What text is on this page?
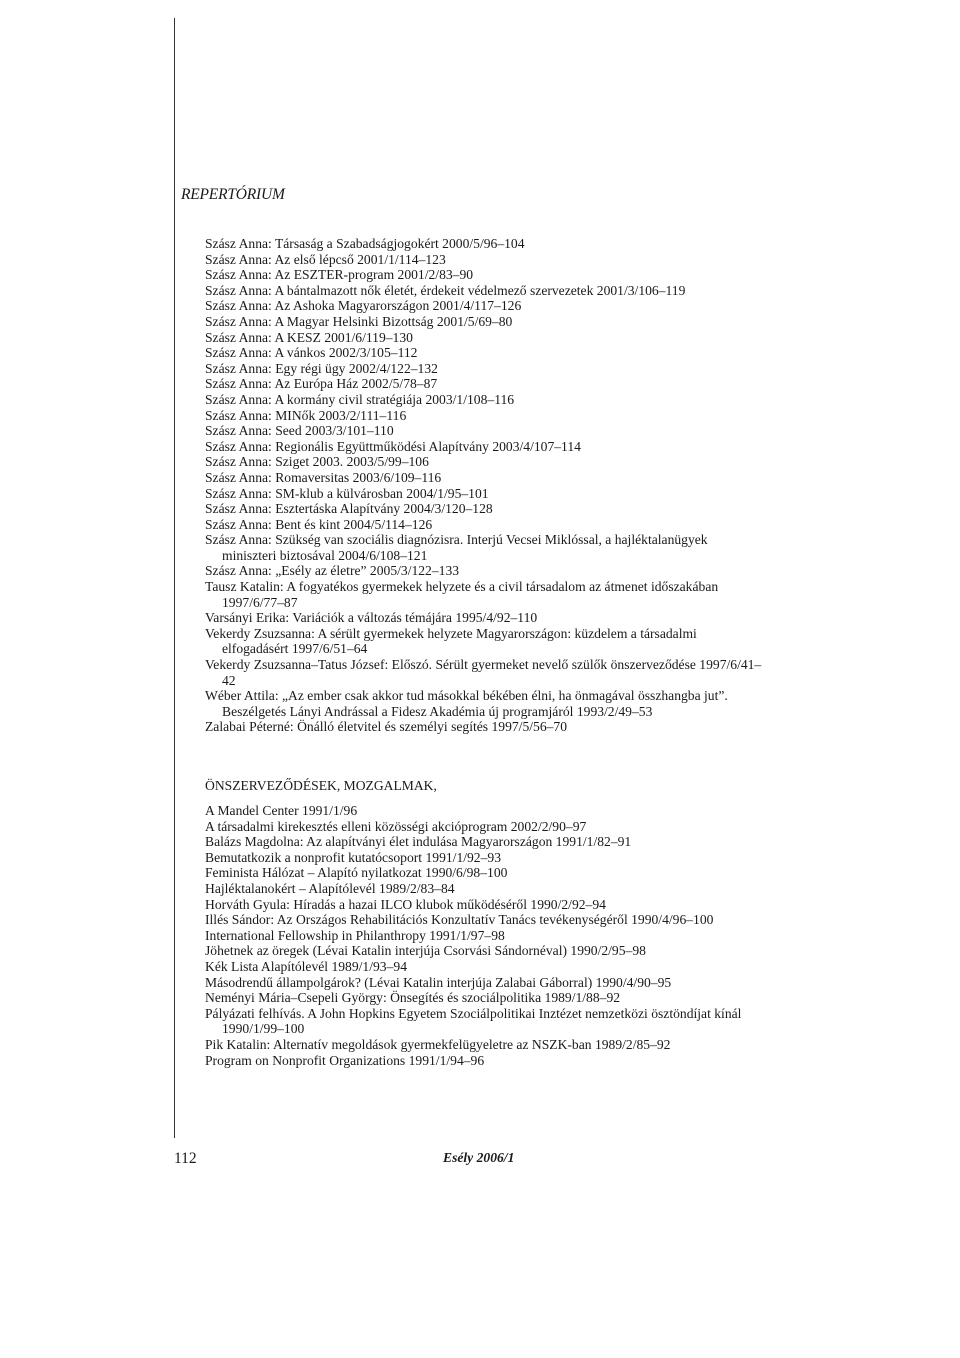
REPERTÓRIUM

Szász Anna: Társaság a Szabadságjogokért 2000/5/96–104

Szász Anna: Az első lépcső 2001/1/114–123

Szász Anna: Az ESZTER-program 2001/2/83–90

Szász Anna: A bántalmazott nők életét, érdekeit védelmező szervezetek 2001/3/106–119

Szász Anna: Az Ashoka Magyarországon 2001/4/117–126

Szász Anna: A Magyar Helsinki Bizottság 2001/5/69–80

Szász Anna: A KESZ 2001/6/119–130

Szász Anna: A vánkos 2002/3/105–112

Szász Anna: Egy régi ügy 2002/4/122–132

Szász Anna: Az Európa Ház 2002/5/78–87

Szász Anna: A kormány civil stratégiája 2003/1/108–116

Szász Anna: MINők 2003/2/111–116

Szász Anna: Seed 2003/3/101–110

Szász Anna: Regionális Együttműködési Alapítvány 2003/4/107–114

Szász Anna: Sziget 2003. 2003/5/99–106

Szász Anna: Romaversitas 2003/6/109–116

Szász Anna: SM-klub a külvárosban 2004/1/95–101

Szász Anna: Esztertáska Alapítvány 2004/3/120–128

Szász Anna: Bent és kint 2004/5/114–126

Szász Anna: Szükség van szociális diagnózisra. Interjú Vecsei Miklóssal, a hajléktalanügyek miniszteri biztosával 2004/6/108–121

Szász Anna: „Esély az életre” 2005/3/122–133

Tausz Katalin: A fogyatékos gyermekek helyzete és a civil társadalom az átmenet időszakában 1997/6/77–87

Varsányi Erika: Variációk a változás témájára 1995/4/92–110

Vekerdy Zsuzsanna: A sérült gyermekek helyzete Magyarországon: küzdelem a társadalmi elfogadásért 1997/6/51–64

Vekerdy Zsuzsanna–Tatus József: Előszó. Sérült gyermeket nevelő szülők önszerveződése 1997/6/41–42

Wéber Attila: „Az ember csak akkor tud másokkal békében élni, ha önmagával összhangba jut”. Beszélgetés Lányi Andrással a Fidesz Akadémia új programjáról 1993/2/49–53

Zalabai Péterné: Önálló életvitel és személyi segítés 1997/5/56–70

ÖNSZERVEZŐDÉSEK, MOZGALMAK,

A Mandel Center 1991/1/96

A társadalmi kirekesztés elleni közösségi akcióprogram 2002/2/90–97

Balázs Magdolna: Az alapítványi élet indulása Magyarországon 1991/1/82–91

Bemutatkozik a nonprofit kutatócsoport 1991/1/92–93

Feminista Hálózat – Alapító nyilatkozat 1990/6/98–100

Hajléktalanokért – Alapítólevél 1989/2/83–84

Horváth Gyula: Híradás a hazai ILCO klubok működéséről 1990/2/92–94

Illés Sándor: Az Országos Rehabilitációs Konzultatív Tanács tevékenységéről 1990/4/96–100

International Fellowship in Philanthropy 1991/1/97–98

Jöhetnek az öregek (Lévai Katalin interjúja Csorvási Sándornéval) 1990/2/95–98

Kék Lista Alapítólevél 1989/1/93–94

Másodrendű állampolgárok? (Lévai Katalin interjúja Zalabai Gáborral) 1990/4/90–95

Neményi Mária–Csepeli György: Önsegítés és szociálpolitika 1989/1/88–92

Pályázati felhívás. A John Hopkins Egyetem Szociálpolitikai Inztézet nemzetközi ösztöndíjat kínál 1990/1/99–100

Pik Katalin: Alternatív megoldások gyermekfelügyeletre az NSZK-ban 1989/2/85–92

Program on Nonprofit Organizations 1991/1/94–96

112	Esély 2006/1
